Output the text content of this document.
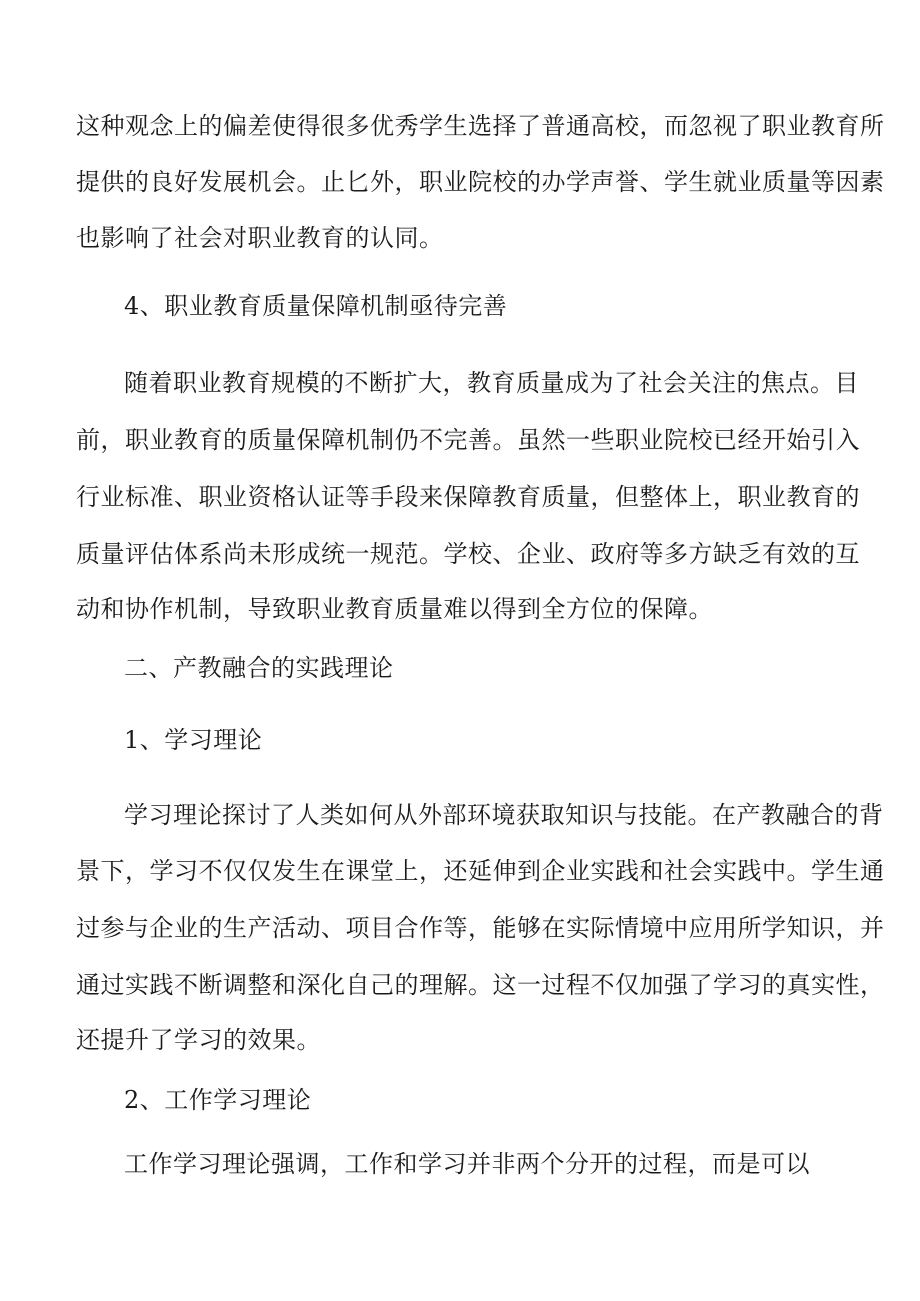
这种观念上的偏差使得很多优秀学生选择了普通高校，而忽视了职业教育所
提供的良好发展机会。止匕外，职业院校的办学声誉、学生就业质量等因素
也影响了社会对职业教育的认同。
4、职业教育质量保障机制亟待完善
随着职业教育规模的不断扩大，教育质量成为了社会关注的焦点。目
前，职业教育的质量保障机制仍不完善。虽然一些职业院校已经开始引入
行业标准、职业资格认证等手段来保障教育质量，但整体上，职业教育的
质量评估体系尚未形成统一规范。学校、企业、政府等多方缺乏有效的互
动和协作机制，导致职业教育质量难以得到全方位的保障。
二、产教融合的实践理论
1、学习理论
学习理论探讨了人类如何从外部环境获取知识与技能。在产教融合的背
景下，学习不仅仅发生在课堂上，还延伸到企业实践和社会实践中。学生通
过参与企业的生产活动、项目合作等，能够在实际情境中应用所学知识，并
通过实践不断调整和深化自己的理解。这一过程不仅加强了学习的真实性，
还提升了学习的效果。
2、工作学习理论
工作学习理论强调，工作和学习并非两个分开的过程，而是可以
